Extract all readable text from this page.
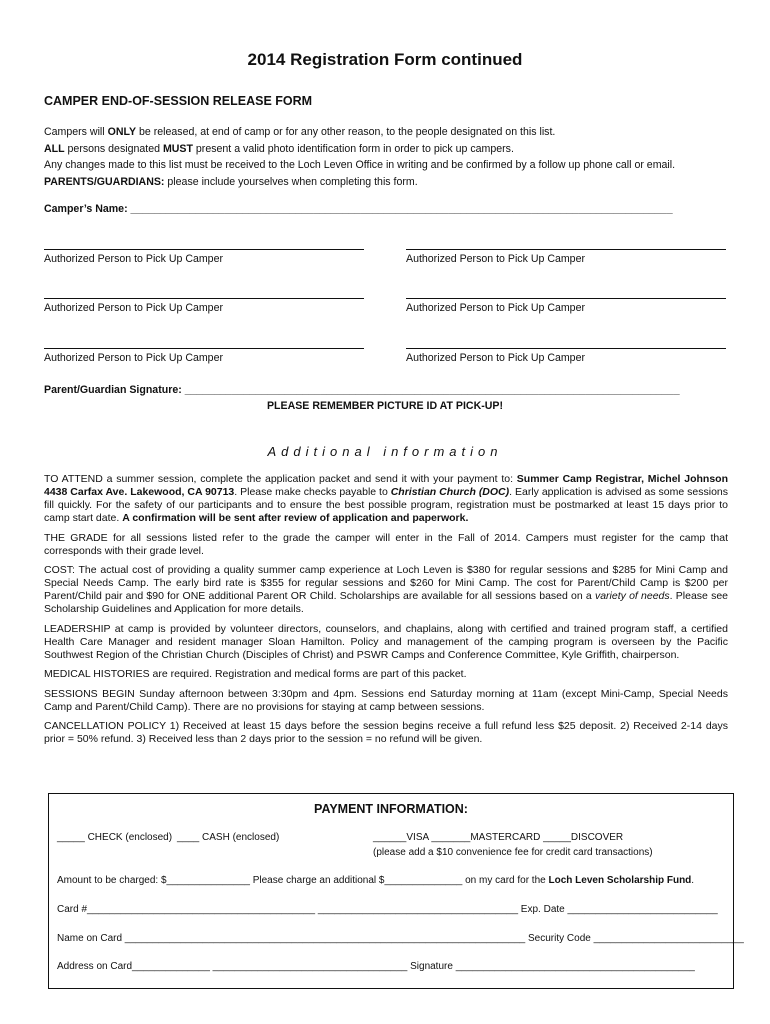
2014 Registration Form continued
CAMPER END-OF-SESSION RELEASE FORM

Campers will ONLY be released, at end of camp or for any other reason, to the people designated on this list.

ALL persons designated MUST present a valid photo identification form in order to pick up campers.

Any changes made to this list must be received to the Loch Leven Office in writing and be confirmed by a follow up phone call or email. PARENTS/GUARDIANS: please include yourselves when completing this form.

Camper’s Name: ____________________________________________________________________________________________
Authorized Person to Pick Up Camper	Authorized Person to Pick Up Camper
Authorized Person to Pick Up Camper	Authorized Person to Pick Up Camper
Authorized Person to Pick Up Camper	Authorized Person to Pick Up Camper
Parent/Guardian Signature: ____________________________________________________________________________________
PLEASE REMEMBER PICTURE ID AT PICK-UP!
Additional information

TO ATTEND a summer session, complete the application packet and send it with your payment to: Summer Camp Registrar, Michel Johnson 4438 Carfax Ave. Lakewood, CA 90713. Please make checks payable to Christian Church (DOC). Early application is advised as some sessions fill quickly. For the safety of our participants and to ensure the best possible program, registration must be postmarked at least 15 days prior to camp start date. A confirmation will be sent after review of application and paperwork.

THE GRADE for all sessions listed refer to the grade the camper will enter in the Fall of 2014. Campers must register for the camp that corresponds with their grade level.

COST: The actual cost of providing a quality summer camp experience at Loch Leven is $380 for regular sessions and $285 for Mini Camp and Special Needs Camp. The early bird rate is $355 for regular sessions and $260 for Mini Camp. The cost for Parent/Child Camp is $200 per Parent/Child pair and $90 for ONE additional Parent OR Child. Scholarships are available for all sessions based on a variety of needs. Please see Scholarship Guidelines and Application for more details.

LEADERSHIP at camp is provided by volunteer directors, counselors, and chaplains, along with certified and trained program staff, a certified Health Care Manager and resident manager Sloan Hamilton. Policy and management of the camping program is overseen by the Pacific Southwest Region of the Christian Church (Disciples of Christ) and PSWR Camps and Conference Committee, Kyle Griffith, chairperson.

MEDICAL HISTORIES are required. Registration and medical forms are part of this packet.

SESSIONS BEGIN Sunday afternoon between 3:30pm and 4pm. Sessions end Saturday morning at 11am (except Mini-Camp, Special Needs Camp and Parent/Child Camp). There are no provisions for staying at camp between sessions.

CANCELLATION POLICY 1) Received at least 15 days before the session begins receive a full refund less $25 deposit. 2) Received 2-14 days prior = 50% refund. 3) Received less than 2 days prior to the session = no refund will be given.

PAYMENT INFORMATION:
_____ CHECK (enclosed) ____ CASH (enclosed)	______VISA _______MASTERCARD _____DISCOVER
(please add a $10 convenience fee for credit card transactions)
Amount to be charged: $_______________ Please charge an additional $______________ on my card for the Loch Leven Scholarship Fund.
Card #_________________________________________ ____________________________________ Exp. Date ___________________________
Name on Card ________________________________________________________________________ Security Code ___________________________
Address on Card______________ ___________________________________ Signature ___________________________________________
